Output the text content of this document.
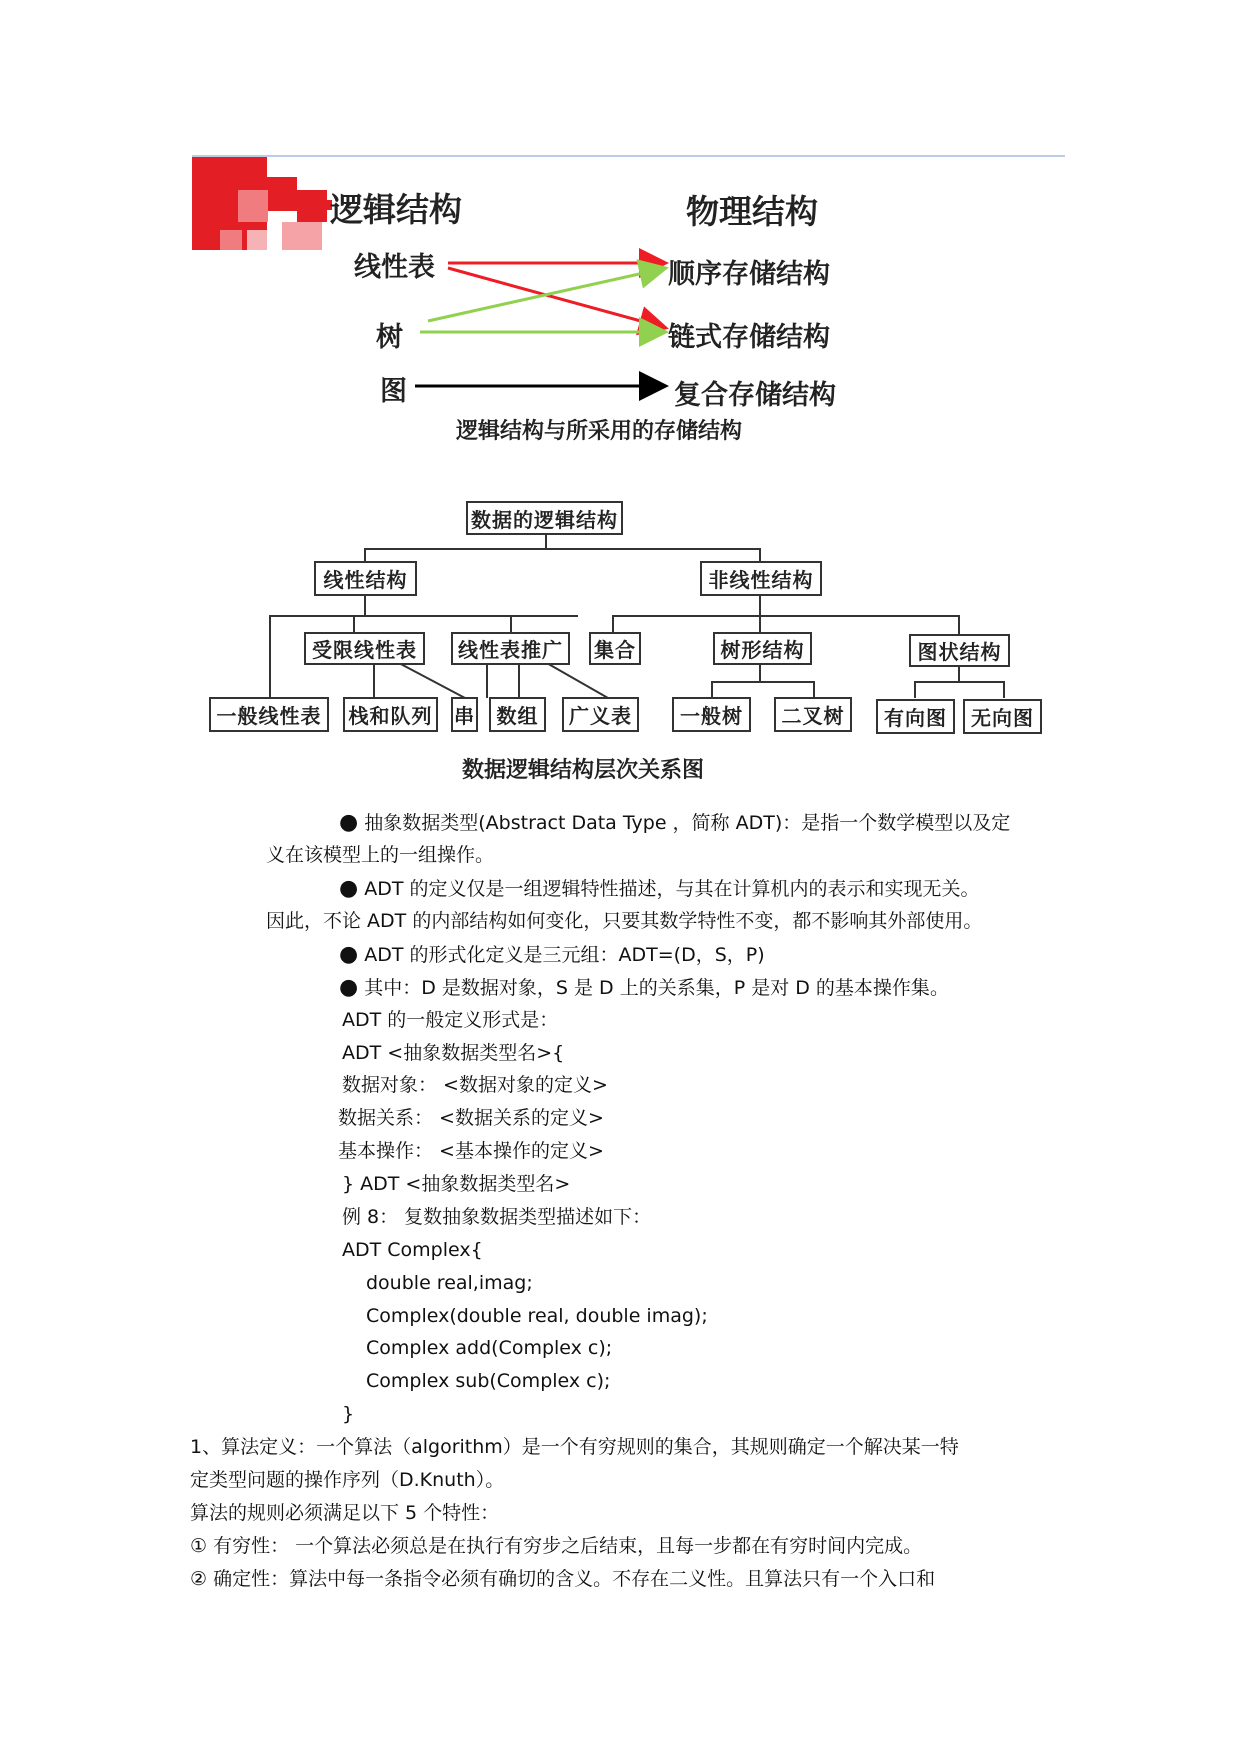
逻辑结构	物理结构
线性表
树
图
顺序存储结构
链式存储结构
复合存储结构
逻辑结构与所采用的存储结构
数据的逻辑结构
线性结构	非线性结构
受限线性表	线性表推广	集合	树形结构	图状结构
一般线性表	栈和队列 串	数组	广义表	一般树	二叉树	有向图	无向图
数据逻辑结构层次关系图
● 抽象数据类型(Abstract Data Type ，简称 ADT)：是指一个数学模型以及定
义在该模型上的一组操作。
● ADT 的定义仅是一组逻辑特性描述，与其在计算机内的表示和实现无关。
因此，不论 ADT 的内部结构如何变化，只要其数学特性不变，都不影响其外部使用。
● ADT 的形式化定义是三元组：ADT=(D，S，P)
● 其中：D 是数据对象，S 是 D 上的关系集，P 是对 D 的基本操作集。
ADT 的一般定义形式是：
ADT <抽象数据类型名>{
数据对象： <数据对象的定义>
数据关系： <数据关系的定义>
基本操作： <基本操作的定义>
} ADT <抽象数据类型名>
例 8： 复数抽象数据类型描述如下：
ADT Complex{
double real,imag;
Complex(double real, double imag);
Complex add(Complex c);
Complex sub(Complex c);
}
1、算法定义：一个算法（algorithm）是一个有穷规则的集合，其规则确定一个解决某一特
定类型问题的操作序列（D.Knuth）。
算法的规则必须满足以下 5 个特性：
① 有穷性： 一个算法必须总是在执行有穷步之后结束，且每一步都在有穷时间内完成。
② 确定性：算法中每一条指令必须有确切的含义。不存在二义性。且算法只有一个入口和
